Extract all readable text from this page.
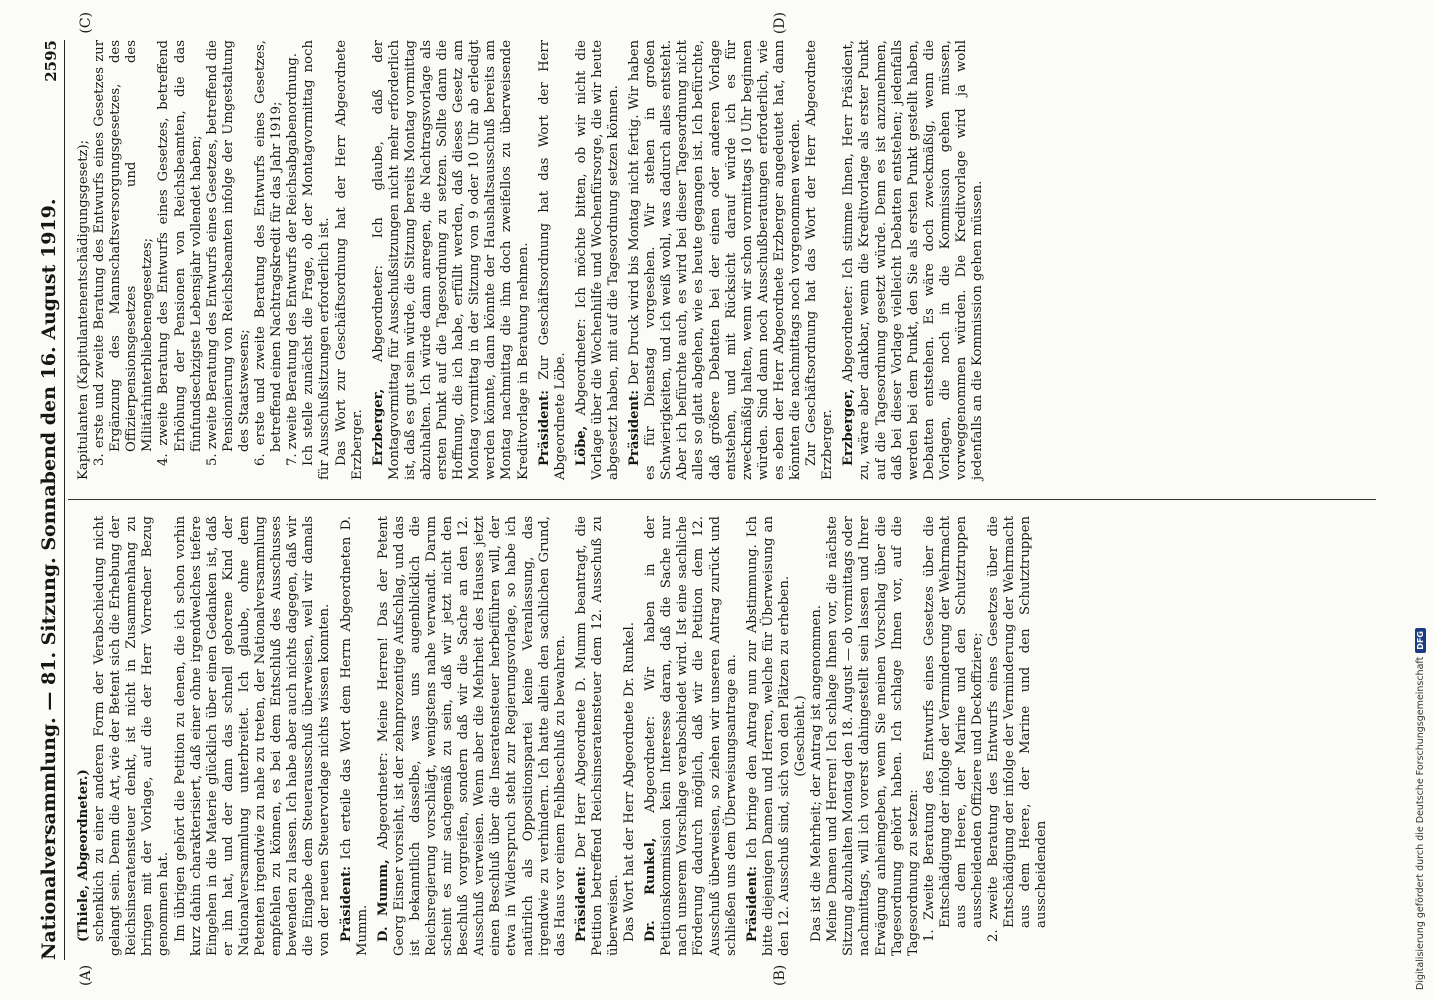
Nationalversammlung. — 81. Sitzung. Sonnabend den 16. August 1919.
2595
(A)	(B)
(C)	(D)

(Thiele, Abgeordneter.) schenklich zu einer anderen Form der Verabschiedung nicht gelangt sein. Denn die Art, wie der Betent sich die Erhebung der Reichsinseratensteuer denkt, ist nicht in Zusammenhang zu bringen mit der Vorlage, auf die der Herr Vorredner Bezug genommen hat. Im übrigen gehört die Petition zu denen, die ich schon vorhin kurz dahin charakterisiert, daß einer ohne irgendwelches tiefere Eingehen in die Materie glücklich über einen Gedanken ist, daß er ihn hat, und der dann das schnell geborene Kind der Nationalversammlung unterbreitet. Ich glaube, ohne dem Petenten irgendwie zu nahe zu treten, der Nationalversammlung empfehlen zu können, es bei dem Entschluß des Ausschusses bewenden zu lassen. Ich habe aber auch nichts dagegen, daß wir die Eingabe dem Steuerausschuß überweisen, weil wir damals von der neuen Steuervorlage nichts wissen konnten. Präsident: Ich erteile das Wort dem Herrn Abgeordneten D. Mumm. D. Mumm, Abgeordneter: Meine Herren! Das der Petent Georg Eisner vorsieht, ist der zehnprozentige Aufschlag, und das ist bekanntlich dasselbe, was uns augenblicklich die Reichsregierung vorschlägt, wenigstens nahe verwandt. Darum scheint es mir sachgemäß zu sein, daß wir jetzt nicht den Beschluß vorgreifen, sondern daß wir die Sache an den 12. Ausschuß verweisen. Wenn aber die Mehrheit des Hauses jetzt einen Beschluß über die Inseratensteuer herbeiführen will, der etwa in Widerspruch steht zur Regierungsvorlage, so habe ich natürlich als Oppositionspartei keine Veranlassung, das irgendwie zu verhindern. Ich hatte allein den sachlichen Grund, das Haus vor einem Fehlbeschluß zu bewahren. Präsident: Der Herr Abgeordnete D. Mumm beantragt, die Petition betreffend Reichsinseratensteuer dem 12. Ausschuß zu überweisen. Das Wort hat der Herr Abgeordnete Dr. Runkel. Dr. Runkel, Abgeordneter: Wir haben in der Petitionskommission kein Interesse daran, daß die Sache nur nach unserem Vorschlage verabschiedet wird. Ist eine sachliche Förderung dadurch möglich, daß wir die Petition dem 12. Ausschuß überweisen, so ziehen wir unseren Antrag zurück und schließen uns dem Überweisungsantrage an. Präsident: Ich bringe den Antrag nun zur Abstimmung. Ich bitte diejenigen Damen und Herren, welche für Überweisung an den 12. Ausschuß sind, sich von den Plätzen zu erheben. (Geschieht.) Das ist die Mehrheit; der Antrag ist angenommen. Meine Damen und Herren! Ich schlage Ihnen vor, die nächste Sitzung abzuhalten Montag den 18. August — ob vormittags oder nachmittags, will ich vorerst dahingestellt sein lassen und Ihrer Erwägung anheimgeben, wenn Sie meinen Vorschlag über die Tagesordnung gehört haben. Ich schlage Ihnen vor, auf die Tagesordnung zu setzen: 1. Zweite Beratung des Entwurfs eines Gesetzes über die Entschädigung der infolge der Verminderung der Wehrmacht aus dem Heere, der Marine und den Schutztruppen ausscheidenden Offiziere und Deckoffiziere; 2. zweite Beratung des Entwurfs eines Gesetzes über die Entschädigung der infolge der Verminderung der Wehrmacht aus dem Heere, der Marine und den Schutztruppen ausscheidenden

Kapitulanten (Kapitulantenentschädigungsgesetz); 3. erste und zweite Beratung des Entwurfs eines Gesetzes zur Ergänzung des Mannschaftsversorgungsgesetzes, des Offizierpensionsgesetzes und des Militärhinterbliebenengesetzes; 4. zweite Beratung des Entwurfs eines Gesetzes, betreffend Erhöhung der Pensionen von Reichsbeamten, die das fünfundsechzigste Lebensjahr vollendet haben; 5. zweite Beratung des Entwurfs eines Gesetzes, betreffend die Pensionierung von Reichsbeamten infolge der Umgestaltung des Staatswesens; 6. erste und zweite Beratung des Entwurfs eines Gesetzes, betreffend einen Nachtragskredit für das Jahr 1919; 7. zweite Beratung des Entwurfs der Reichsabgabenordnung. Ich stelle zunächst die Frage, ob der Montagvormittag noch für Ausschußsitzungen erforderlich ist. Das Wort zur Geschäftsordnung hat der Herr Abgeordnete Erzberger. Erzberger, Abgeordneter: Ich glaube, daß der Montagvormittag für Ausschußsitzungen nicht mehr erforderlich ist, daß es gut sein würde, die Sitzung bereits Montag vormittag abzuhalten. Ich würde dann anregen, die Nachtragsvorlage als ersten Punkt auf die Tagesordnung zu setzen. Sollte dann die Hoffnung, die ich habe, erfüllt werden, daß dieses Gesetz am Montag vormittag in der Sitzung von 9 oder 10 Uhr ab erledigt werden könnte, dann könnte der Haushaltsausschuß bereits am Montag nachmittag die ihm doch zweifellos zu überweisende Kreditvorlage in Beratung nehmen. Präsident: Zur Geschäftsordnung hat das Wort der Herr Abgeordnete Löbe. Löbe, Abgeordneter: Ich möchte bitten, ob wir nicht die Vorlage über die Wochenhilfe und Wochenfürsorge, die wir heute abgesetzt haben, mit auf die Tagesordnung setzen können. Präsident: Der Druck wird bis Montag nicht fertig. Wir haben es für Dienstag vorgesehen. Wir stehen in großen Schwierigkeiten, und ich weiß wohl, was dadurch alles entsteht. Aber ich befürchte auch, es wird bei dieser Tagesordnung nicht alles so glatt abgehen, wie es heute gegangen ist. Ich befürchte, daß größere Debatten bei der einen oder anderen Vorlage entstehen, und mit Rücksicht darauf würde ich es für zweckmäßig halten, wenn wir schon vormittags 10 Uhr beginnen würden. Sind dann noch Ausschußberatungen erforderlich, wie es eben der Herr Abgeordnete Erzberger angedeutet hat, dann könnten die nachmittags noch vorgenommen werden. Zur Geschäftsordnung hat das Wort der Herr Abgeordnete Erzberger. Erzberger, Abgeordneter: Ich stimme Ihnen, Herr Präsident, zu, wäre aber dankbar, wenn die Kreditvorlage als erster Punkt auf die Tagesordnung gesetzt würde. Denn es ist anzunehmen, daß bei dieser Vorlage vielleicht Debatten entstehen; jedenfalls werden bei dem Punkt, den Sie als ersten Punkt gestellt haben, Debatten entstehen. Es wäre doch zweckmäßig, wenn die Vorlagen, die noch in die Kommission gehen müssen, vorweggenommen würden. Die Kreditvorlage wird ja wohl jedenfalls an die Kommission gehen müssen.

Digitalisierung gefördert durch die Deutsche Forschungsgemeinschaft
DFG
